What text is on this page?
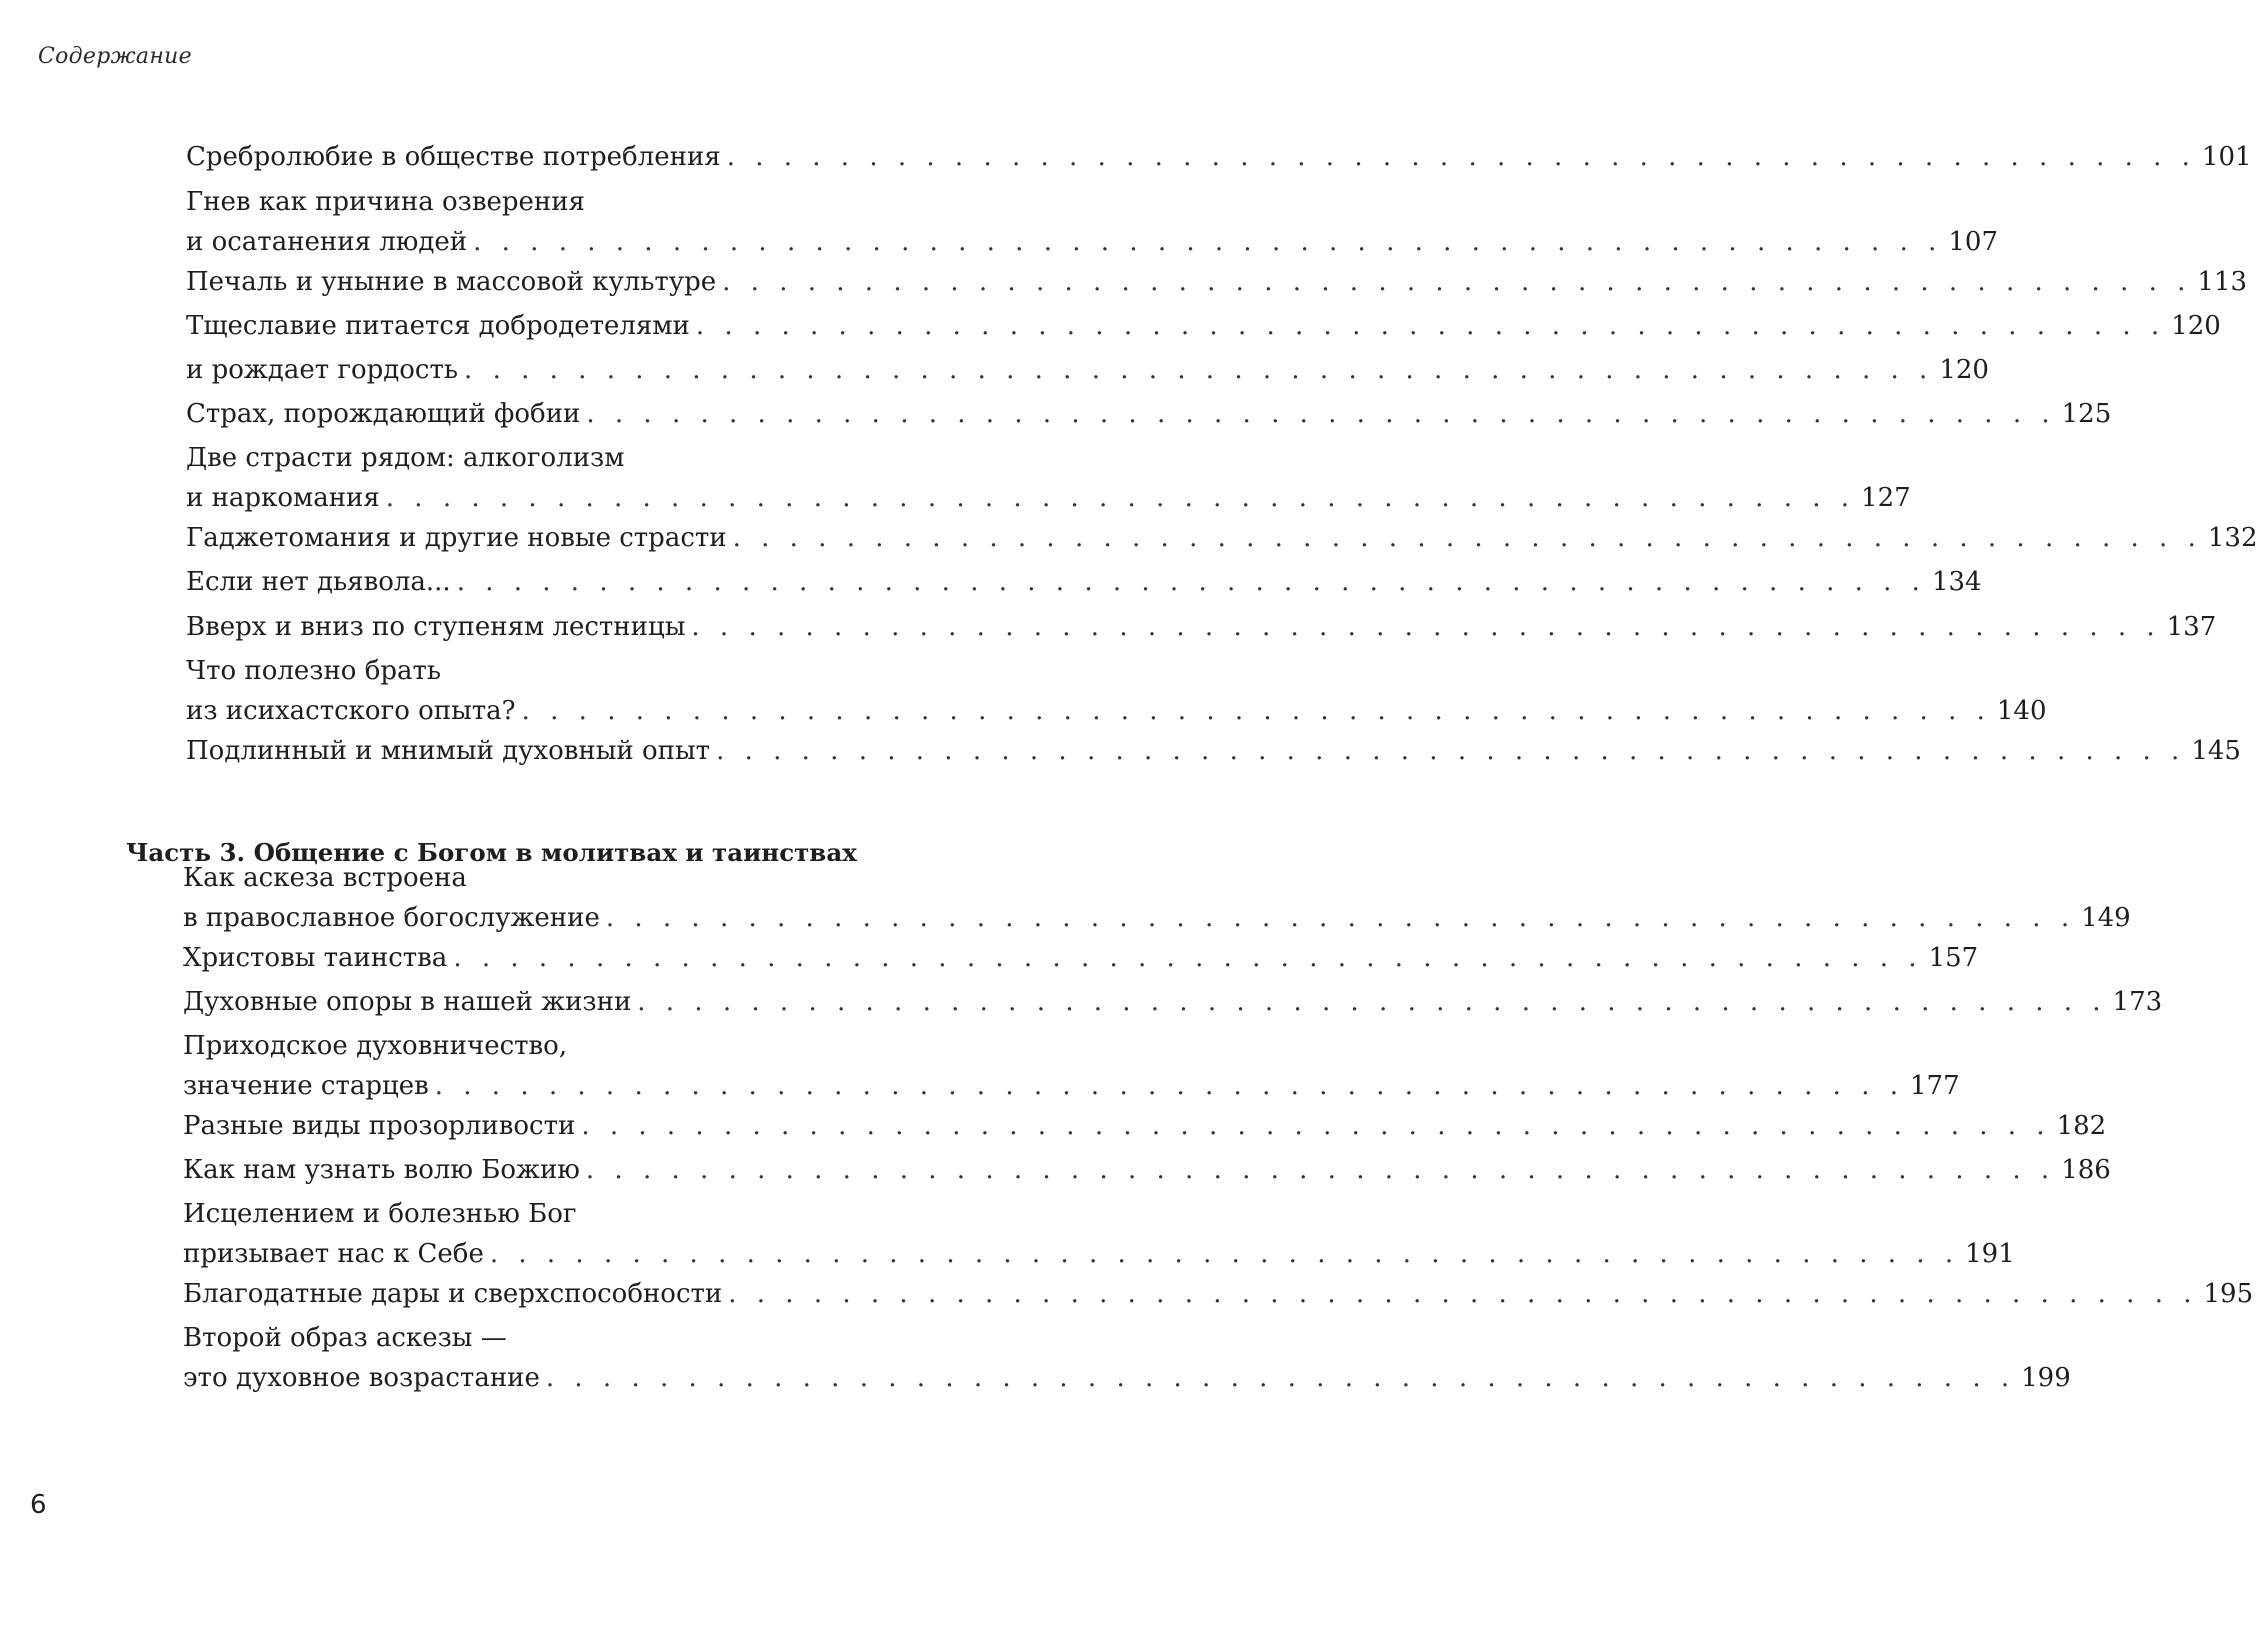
Содержание
Сребролюбие в обществе потребления . . . . . . . . . . . . . . . . . . . . . . . . . . . . . . . . . . . . . . . . . . . . . . . . . . . . 101
Гнев как причина озверения
и осатанения людей . . . . . . . . . . . . . . . . . . . . . . . . . . . . . . . . . . . . . . . . . . . . . . . . . . . . 107
Печаль и уныние в массовой культуре . . . . . . . . . . . . . . . . . . . . . . . . . . . . . . . . . . . . . . . . . . . . . . . . . . . . 113
Тщеславие питается добродетелями . . . . . . . . . . . . . . . . . . . . . . . . . . . . . . . . . . . . . . . . . . . . . . . . . . . . 120
и рождает гордость . . . . . . . . . . . . . . . . . . . . . . . . . . . . . . . . . . . . . . . . . . . . . . . . . . . . 120
Страх, порождающий фобии . . . . . . . . . . . . . . . . . . . . . . . . . . . . . . . . . . . . . . . . . . . . . . . . . . . . 125
Две страсти рядом: алкоголизм
и наркомания . . . . . . . . . . . . . . . . . . . . . . . . . . . . . . . . . . . . . . . . . . . . . . . . . . . . 127
Гаджетомания и другие новые страсти . . . . . . . . . . . . . . . . . . . . . . . . . . . . . . . . . . . . . . . . . . . . . . . . . . . . 132
Если нет дьявола... . . . . . . . . . . . . . . . . . . . . . . . . . . . . . . . . . . . . . . . . . . . . . . . . . . . . 134
Вверх и вниз по ступеням лестницы . . . . . . . . . . . . . . . . . . . . . . . . . . . . . . . . . . . . . . . . . . . . . . . . . . . . 137
Что полезно брать
из исихастского опыта? . . . . . . . . . . . . . . . . . . . . . . . . . . . . . . . . . . . . . . . . . . . . . . . . . . . . 140
Подлинный и мнимый духовный опыт . . . . . . . . . . . . . . . . . . . . . . . . . . . . . . . . . . . . . . . . . . . . . . . . . . . . 145
Как аскеза встроена
в православное богослужение . . . . . . . . . . . . . . . . . . . . . . . . . . . . . . . . . . . . . . . . . . . . . . . . . . . . 149
Христовы таинства . . . . . . . . . . . . . . . . . . . . . . . . . . . . . . . . . . . . . . . . . . . . . . . . . . . . 157
Духовные опоры в нашей жизни . . . . . . . . . . . . . . . . . . . . . . . . . . . . . . . . . . . . . . . . . . . . . . . . . . . . 173
Приходское духовничество,
значение старцев . . . . . . . . . . . . . . . . . . . . . . . . . . . . . . . . . . . . . . . . . . . . . . . . . . . . 177
Разные виды прозорливости . . . . . . . . . . . . . . . . . . . . . . . . . . . . . . . . . . . . . . . . . . . . . . . . . . . . 182
Как нам узнать волю Божию . . . . . . . . . . . . . . . . . . . . . . . . . . . . . . . . . . . . . . . . . . . . . . . . . . . . 186
Исцелением и болезнью Бог
призывает нас к Себе . . . . . . . . . . . . . . . . . . . . . . . . . . . . . . . . . . . . . . . . . . . . . . . . . . . . 191
Благодатные дары и сверхспособности . . . . . . . . . . . . . . . . . . . . . . . . . . . . . . . . . . . . . . . . . . . . . . . . . . . . 195
Второй образ аскезы —
это духовное возрастание . . . . . . . . . . . . . . . . . . . . . . . . . . . . . . . . . . . . . . . . . . . . . . . . . . . . 199
Часть 3. Общение с Богом в молитвах и таинствах
6
